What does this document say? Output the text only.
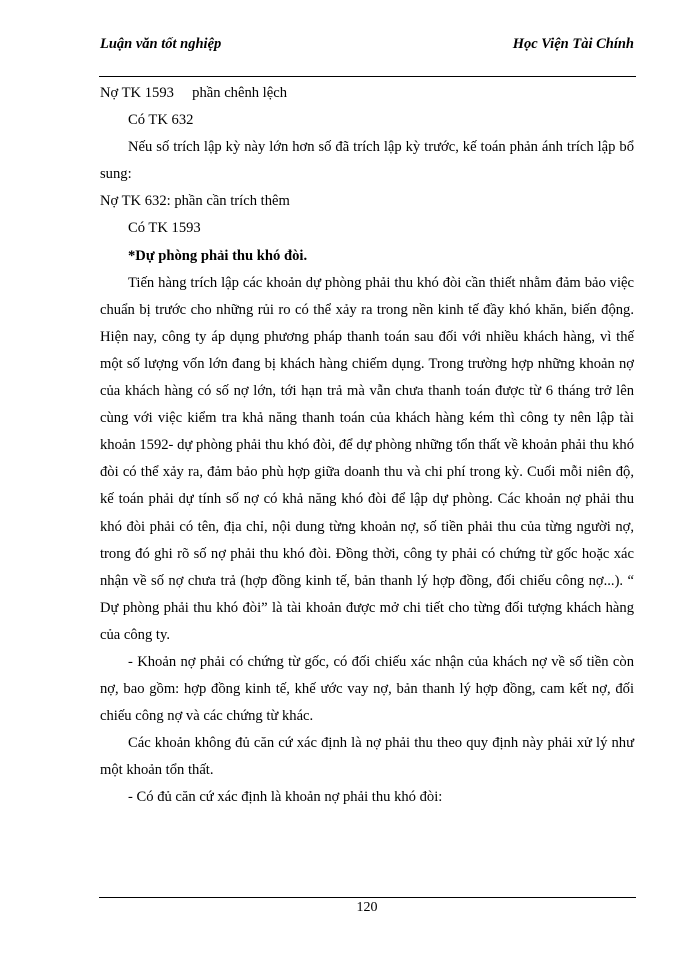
Luận văn tốt nghiệp	Học Viện Tài Chính

Nợ TK 1593     phần chênh lệch

Có TK 632

Nếu số trích lập kỳ này lớn hơn số đã trích lập kỳ trước, kế toán phản ánh trích lập bổ sung:

Nợ TK 632: phần cần trích thêm

Có TK 1593

*Dự phòng phải thu khó đòi.

Tiến hàng trích lập các khoản dự phòng phải thu khó đòi cần thiết nhằm đảm bảo việc chuẩn bị trước cho những rủi ro có thể xảy ra trong nền kinh tế đầy khó khăn, biến động. Hiện nay, công ty áp dụng phương pháp thanh toán sau đối với nhiều khách hàng, vì thế một số lượng vốn lớn đang bị khách hàng chiếm dụng. Trong trường hợp những khoản nợ của khách hàng có số nợ lớn, tới hạn trả mà vẫn chưa thanh toán được từ 6 tháng trở lên cùng với việc kiểm tra khả năng thanh toán của khách hàng kém thì công ty nên lập tài khoản 1592- dự phòng phải thu khó đòi, để dự phòng những tổn thất về khoản phải thu khó đòi có thể xảy ra, đảm bảo phù hợp giữa doanh thu và chi phí trong kỳ. Cuối mỗi niên độ, kế toán phải dự tính số nợ có khả năng khó đòi để lập dự phòng. Các khoản nợ phải thu khó đòi phải có tên, địa chỉ, nội dung từng khoản nợ, số tiền phải thu của từng người nợ, trong đó ghi rõ số nợ phải thu khó đòi. Đồng thời, công ty phải có chứng từ gốc hoặc xác nhận về số nợ chưa trả (hợp đồng kinh tế, bản thanh lý hợp đồng, đối chiếu công nợ...). “ Dự phòng phải thu khó đòi” là tài khoản được mở chi tiết cho từng đối tượng khách hàng của công ty.

- Khoản nợ phải có chứng từ gốc, có đối chiếu xác nhận của khách nợ về số tiền còn nợ, bao gồm: hợp đồng kinh tế, khế ước vay nợ, bản thanh lý hợp đồng, cam kết nợ, đối chiếu công nợ và các chứng từ khác.

Các khoản không đủ căn cứ xác định là nợ phải thu theo quy định này phải xử lý như một khoản tổn thất.

- Có đủ căn cứ xác định là khoản nợ phải thu khó đòi:

120
